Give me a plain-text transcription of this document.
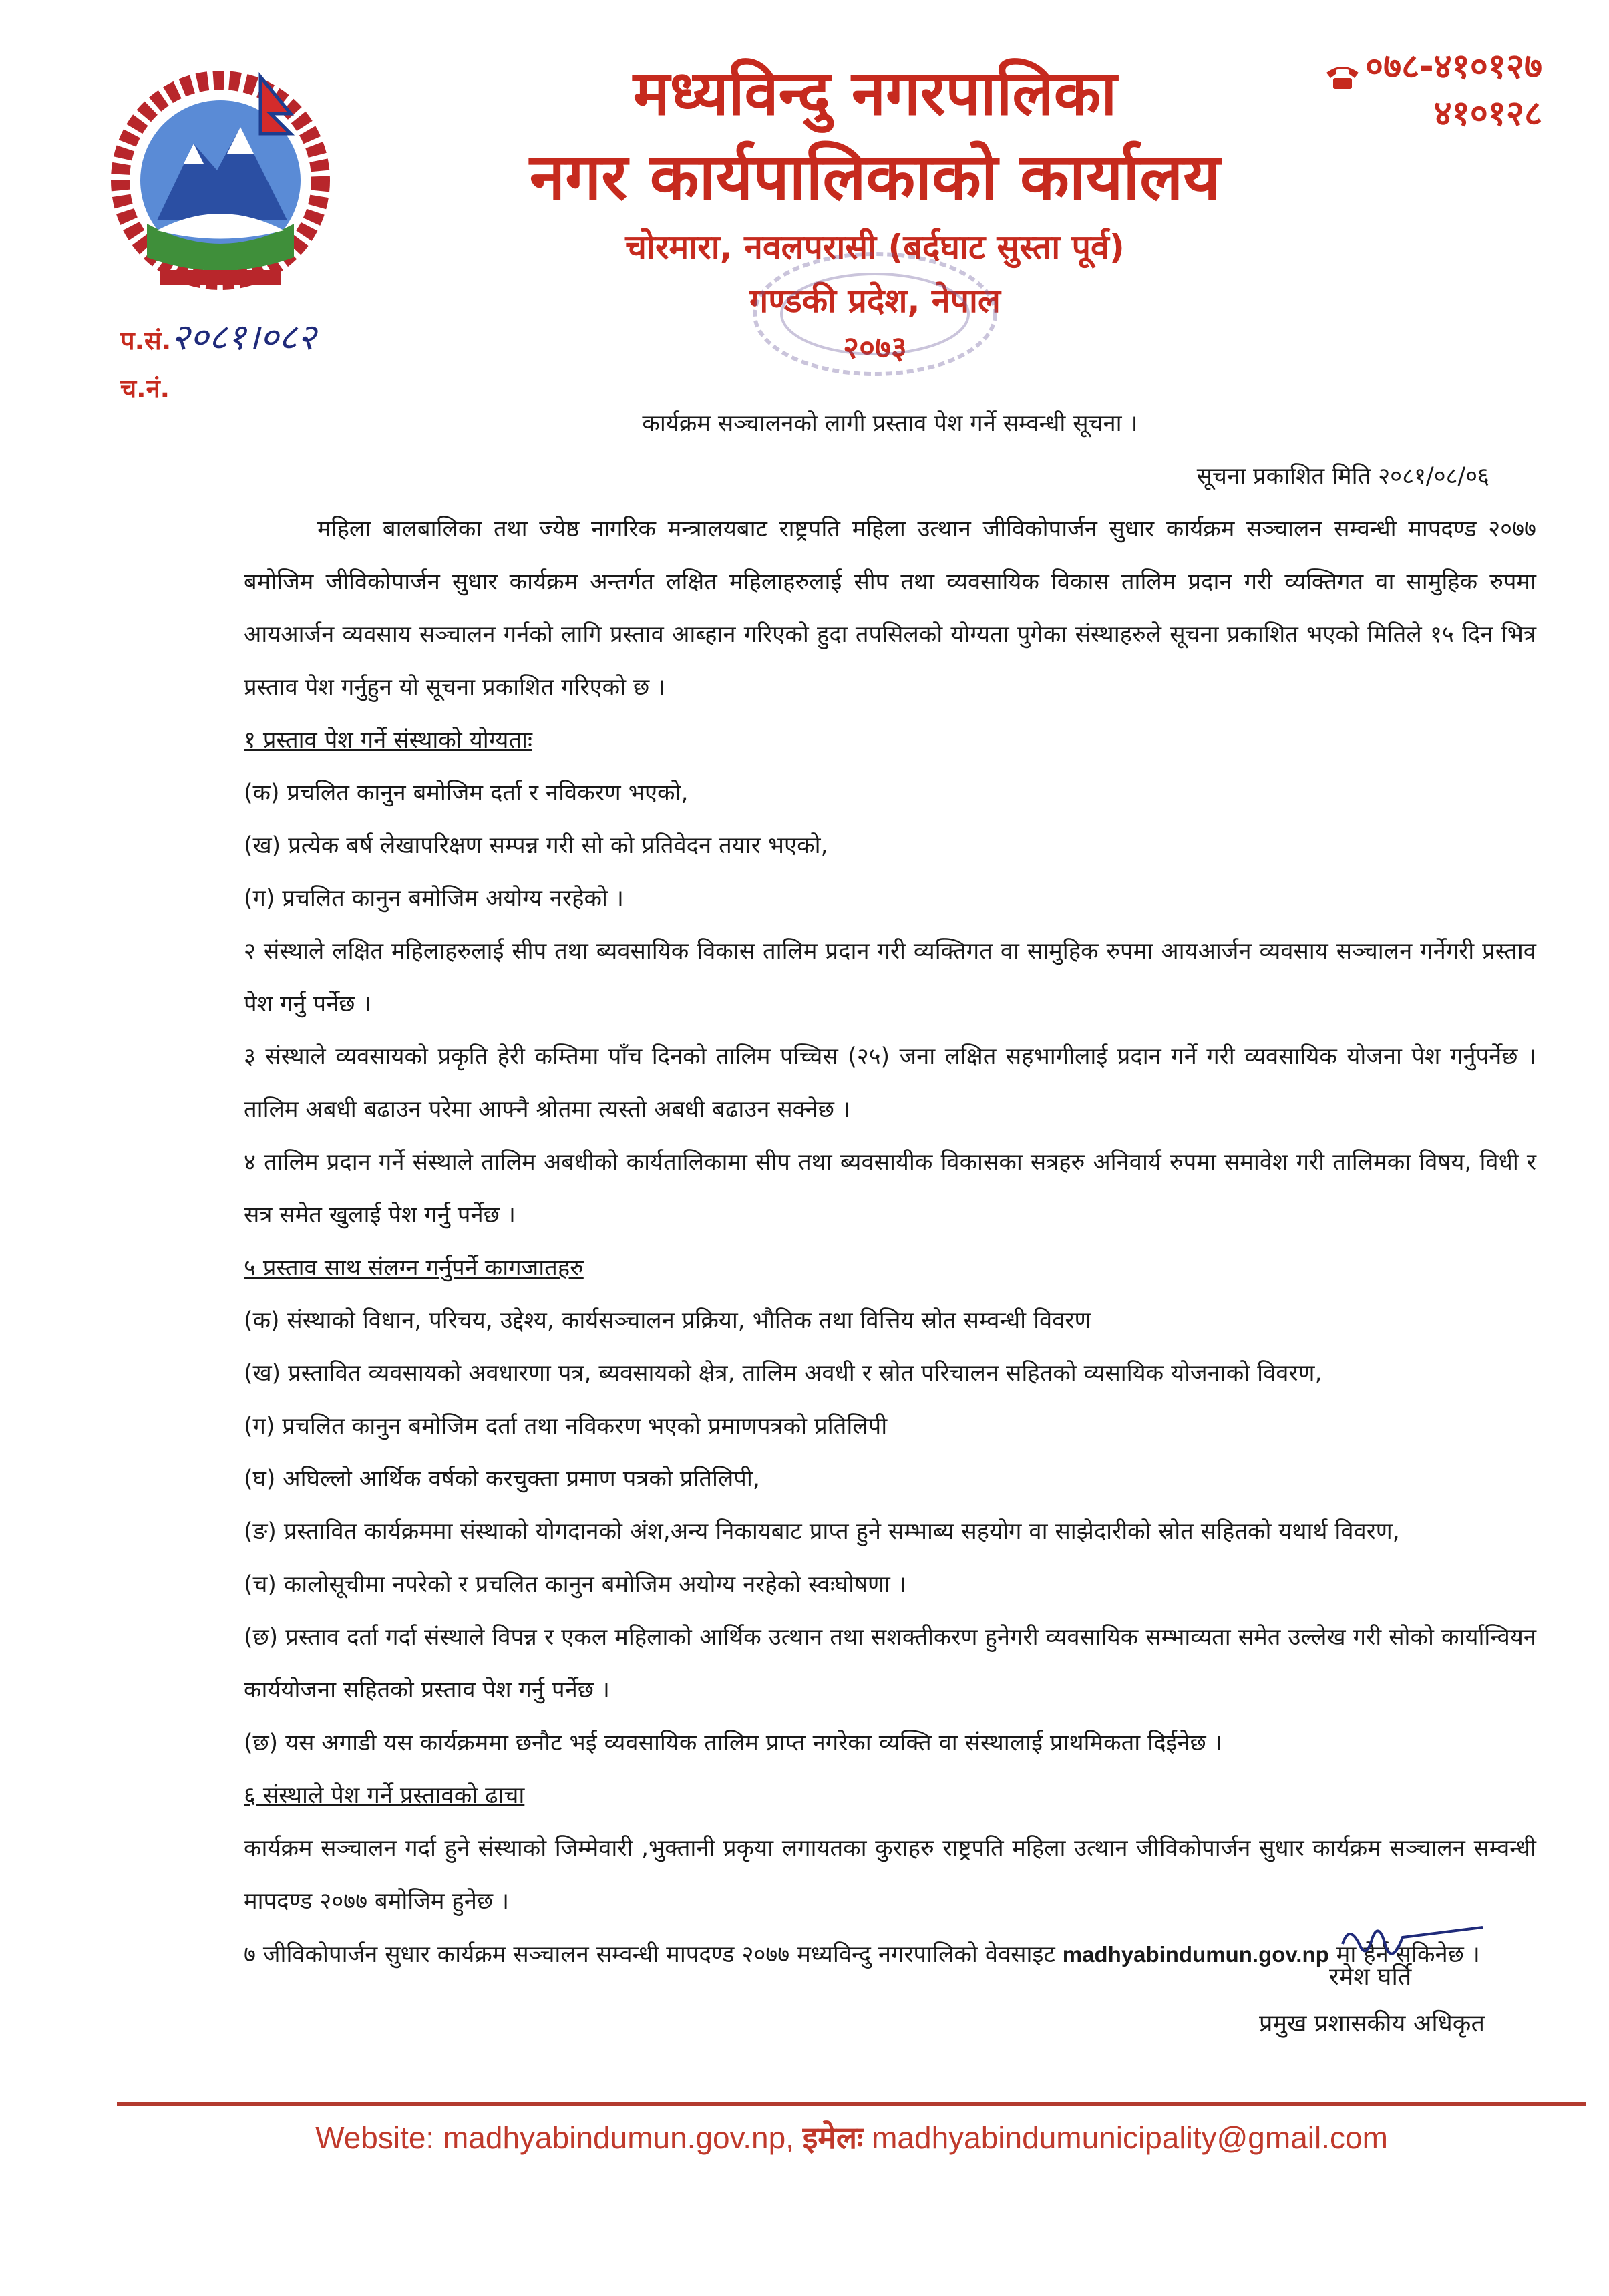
मध्यविन्दु नगरपालिका
नगर कार्यपालिकाको कार्यालय
चोरमारा, नवलपरासी (बर्दघाट सुस्ता पूर्व)
गण्डकी प्रदेश, नेपाल
२०७३
०७८-४१०१२७
४१०१२८
प.सं.२०८१।०८२
च.नं.

कार्यक्रम सञ्चालनको लागी प्रस्ताव पेश गर्ने सम्वन्धी सूचना ।

सूचना प्रकाशित मिति २०८१/०८/०६

महिला बालबालिका तथा ज्येष्ठ नागरिक मन्त्रालयबाट राष्ट्रपति महिला उत्थान जीविकोपार्जन सुधार कार्यक्रम सञ्चालन सम्वन्धी मापदण्ड २०७७ बमोजिम जीविकोपार्जन सुधार कार्यक्रम अन्तर्गत लक्षित महिलाहरुलाई सीप तथा व्यवसायिक विकास तालिम प्रदान गरी व्यक्तिगत वा सामुहिक रुपमा आयआर्जन व्यवसाय सञ्चालन गर्नको लागि प्रस्ताव आब्हान गरिएको हुदा तपसिलको योग्यता पुगेका संस्थाहरुले सूचना प्रकाशित भएको मितिले १५ दिन भित्र प्रस्ताव पेश गर्नुहुन यो सूचना प्रकाशित गरिएको छ ।

१ प्रस्ताव पेश गर्ने संस्थाको योग्यताः

(क) प्रचलित कानुन बमोजिम दर्ता र नविकरण भएको,

(ख) प्रत्येक बर्ष लेखापरिक्षण सम्पन्न गरी सो को प्रतिवेदन तयार भएको,

(ग) प्रचलित कानुन बमोजिम अयोग्य नरहेको ।

२ संस्थाले लक्षित महिलाहरुलाई सीप तथा ब्यवसायिक विकास तालिम प्रदान गरी व्यक्तिगत वा सामुहिक रुपमा आयआर्जन व्यवसाय सञ्चालन गर्नेगरी प्रस्ताव पेश गर्नु पर्नेछ ।

३ संस्थाले व्यवसायको प्रकृति हेरी कम्तिमा पाँच दिनको तालिम पच्चिस (२५) जना लक्षित सहभागीलाई प्रदान गर्ने गरी व्यवसायिक योजना पेश गर्नुपर्नेछ ।तालिम अबधी बढाउन परेमा आफ्नै श्रोतमा त्यस्तो अबधी बढाउन सक्नेछ ।

४ तालिम प्रदान गर्ने संस्थाले तालिम अबधीको कार्यतालिकामा सीप तथा ब्यवसायीक विकासका सत्रहरु अनिवार्य रुपमा समावेश गरी तालिमका विषय, विधी र सत्र समेत खुलाई पेश गर्नु पर्नेछ ।

५ प्रस्ताव साथ संलग्न गर्नुपर्ने कागजातहरु

(क) संस्थाको विधान, परिचय, उद्देश्य, कार्यसञ्चालन प्रक्रिया, भौतिक तथा वित्तिय स्रोत सम्वन्धी विवरण

(ख) प्रस्तावित व्यवसायको अवधारणा पत्र, ब्यवसायको क्षेत्र, तालिम अवधी र स्रोत परिचालन सहितको व्यसायिक योजनाको विवरण,

(ग) प्रचलित कानुन बमोजिम दर्ता तथा नविकरण भएको प्रमाणपत्रको प्रतिलिपी

(घ) अघिल्लो आर्थिक वर्षको करचुक्ता प्रमाण पत्रको प्रतिलिपी,

(ङ) प्रस्तावित कार्यक्रममा संस्थाको योगदानको अंश,अन्य निकायबाट प्राप्त हुने सम्भाब्य सहयोग वा साझेदारीको स्रोत सहितको यथार्थ विवरण,

(च) कालोसूचीमा नपरेको र प्रचलित कानुन बमोजिम अयोग्य नरहेको स्वःघोषणा ।

(छ) प्रस्ताव दर्ता गर्दा संस्थाले विपन्न र एकल महिलाको आर्थिक उत्थान तथा सशक्तीकरण हुनेगरी व्यवसायिक सम्भाव्यता समेत उल्लेख गरी सोको कार्यान्वियन कार्ययोजना सहितको प्रस्ताव पेश गर्नु पर्नेछ ।

(छ) यस अगाडी यस कार्यक्रममा छनौट भई व्यवसायिक तालिम प्राप्त नगरेका व्यक्ति वा संस्थालाई प्राथमिकता दिईनेछ ।

६ संस्थाले पेश गर्ने प्रस्तावको ढाचा

कार्यक्रम सञ्चालन गर्दा हुने संस्थाको जिम्मेवारी ,भुक्तानी प्रकृया लगायतका कुराहरु राष्ट्रपति महिला उत्थान जीविकोपार्जन सुधार कार्यक्रम सञ्चालन सम्वन्धी मापदण्ड २०७७ बमोजिम हुनेछ ।

७ जीविकोपार्जन सुधार कार्यक्रम सञ्चालन सम्वन्धी मापदण्ड २०७७ मध्यविन्दु नगरपालिको वेवसाइट madhyabindumun.gov.np मा हेर्न सकिनेछ ।

रमेश घर्ति
प्रमुख प्रशासकीय अधिकृत
Website: madhyabindumun.gov.np, इमेलः madhyabindumunicipality@gmail.com
